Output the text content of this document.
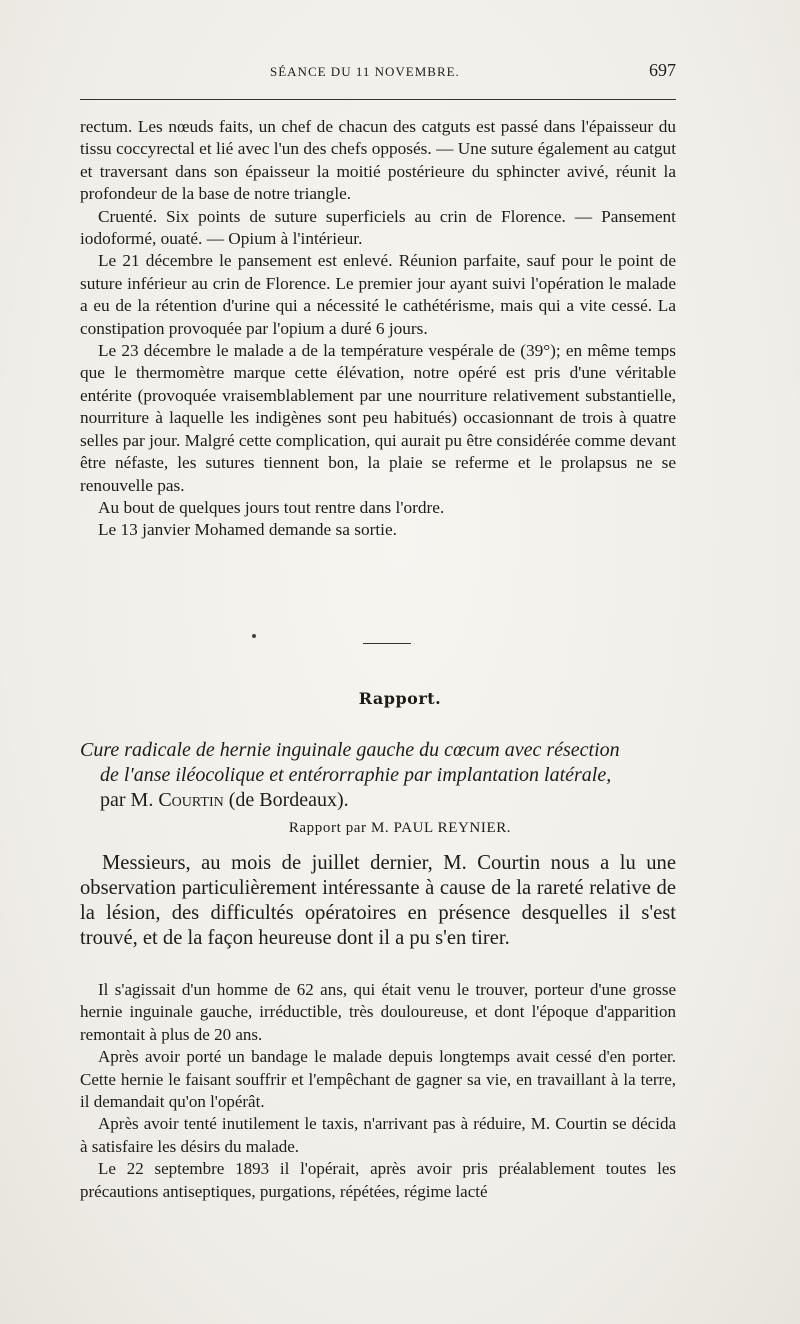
SÉANCE DU 11 NOVEMBRE.	697

rectum. Les nœuds faits, un chef de chacun des catguts est passé dans l'épaisseur du tissu coccyrectal et lié avec l'un des chefs opposés. — Une suture également au catgut et traversant dans son épaisseur la moitié postérieure du sphincter avivé, réunit la profondeur de la base de notre triangle.

Cruenté. Six points de suture superficiels au crin de Florence. — Pansement iodoformé, ouaté. — Opium à l'intérieur.

Le 21 décembre le pansement est enlevé. Réunion parfaite, sauf pour le point de suture inférieur au crin de Florence. Le premier jour ayant suivi l'opération le malade a eu de la rétention d'urine qui a nécessité le cathétérisme, mais qui a vite cessé. La constipation provoquée par l'opium a duré 6 jours.

Le 23 décembre le malade a de la température vespérale de (39°); en même temps que le thermomètre marque cette élévation, notre opéré est pris d'une véritable entérite (provoquée vraisemblablement par une nourriture relativement substantielle, nourriture à laquelle les indigènes sont peu habitués) occasionnant de trois à quatre selles par jour. Malgré cette complication, qui aurait pu être considérée comme devant être néfaste, les sutures tiennent bon, la plaie se referme et le prolapsus ne se renouvelle pas.

Au bout de quelques jours tout rentre dans l'ordre.

Le 13 janvier Mohamed demande sa sortie.

Rapport.
Cure radicale de hernie inguinale gauche du cœcum avec résection
de l'anse iléocolique et entérorraphie par implantation latérale,
par M. Courtin (de Bordeaux).
Rapport par M. PAUL REYNIER.

Messieurs, au mois de juillet dernier, M. Courtin nous a lu une observation particulièrement intéressante à cause de la rareté relative de la lésion, des difficultés opératoires en présence desquelles il s'est trouvé, et de la façon heureuse dont il a pu s'en tirer.

Il s'agissait d'un homme de 62 ans, qui était venu le trouver, porteur d'une grosse hernie inguinale gauche, irréductible, très douloureuse, et dont l'époque d'apparition remontait à plus de 20 ans.

Après avoir porté un bandage le malade depuis longtemps avait cessé d'en porter. Cette hernie le faisant souffrir et l'empêchant de gagner sa vie, en travaillant à la terre, il demandait qu'on l'opérât.

Après avoir tenté inutilement le taxis, n'arrivant pas à réduire, M. Courtin se décida à satisfaire les désirs du malade.

Le 22 septembre 1893 il l'opérait, après avoir pris préalablement toutes les précautions antiseptiques, purgations, répétées, régime lacté
